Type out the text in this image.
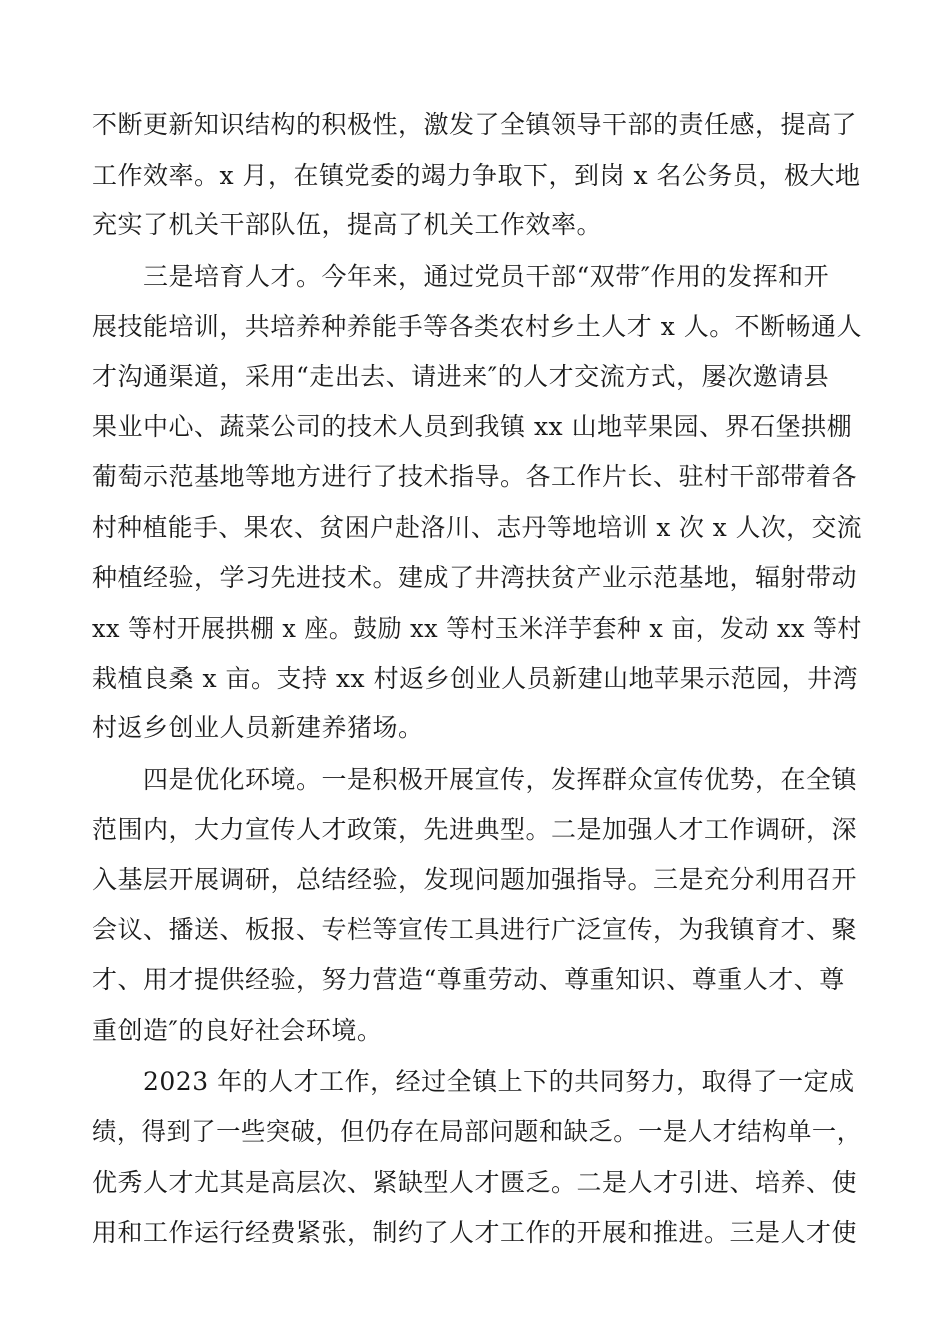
不断更新知识结构的积极性，激发了全镇领导干部的责任感，提高了
工作效率。x 月，在镇党委的竭力争取下，到岗 x 名公务员，极大地
充实了机关干部队伍，提高了机关工作效率。
三是培育人才。今年来，通过党员干部“双带″作用的发挥和开
展技能培训，共培养种养能手等各类农村乡土人才 x 人。不断畅通人
才沟通渠道，采用“走出去、请进来″的人才交流方式，屡次邀请县
果业中心、蔬菜公司的技术人员到我镇 xx 山地苹果园、界石堡拱棚
葡萄示范基地等地方进行了技术指导。各工作片长、驻村干部带着各
村种植能手、果农、贫困户赴洛川、志丹等地培训 x 次 x 人次，交流
种植经验，学习先进技术。建成了井湾扶贫产业示范基地，辐射带动
xx 等村开展拱棚 x 座。鼓励 xx 等村玉米洋芋套种 x 亩，发动 xx 等村
栽植良桑 x 亩。支持 xx 村返乡创业人员新建山地苹果示范园，井湾
村返乡创业人员新建养猪场。
四是优化环境。一是积极开展宣传，发挥群众宣传优势，在全镇
范围内，大力宣传人才政策，先进典型。二是加强人才工作调研，深
入基层开展调研，总结经验，发现问题加强指导。三是充分利用召开
会议、播送、板报、专栏等宣传工具进行广泛宣传，为我镇育才、聚
才、用才提供经验，努力营造“尊重劳动、尊重知识、尊重人才、尊
重创造″的良好社会环境。
2023 年的人才工作，经过全镇上下的共同努力，取得了一定成
绩，得到了一些突破，但仍存在局部问题和缺乏。一是人才结构单一，
优秀人才尤其是高层次、紧缺型人才匮乏。二是人才引进、培养、使
用和工作运行经费紧张，制约了人才工作的开展和推进。三是人才使
